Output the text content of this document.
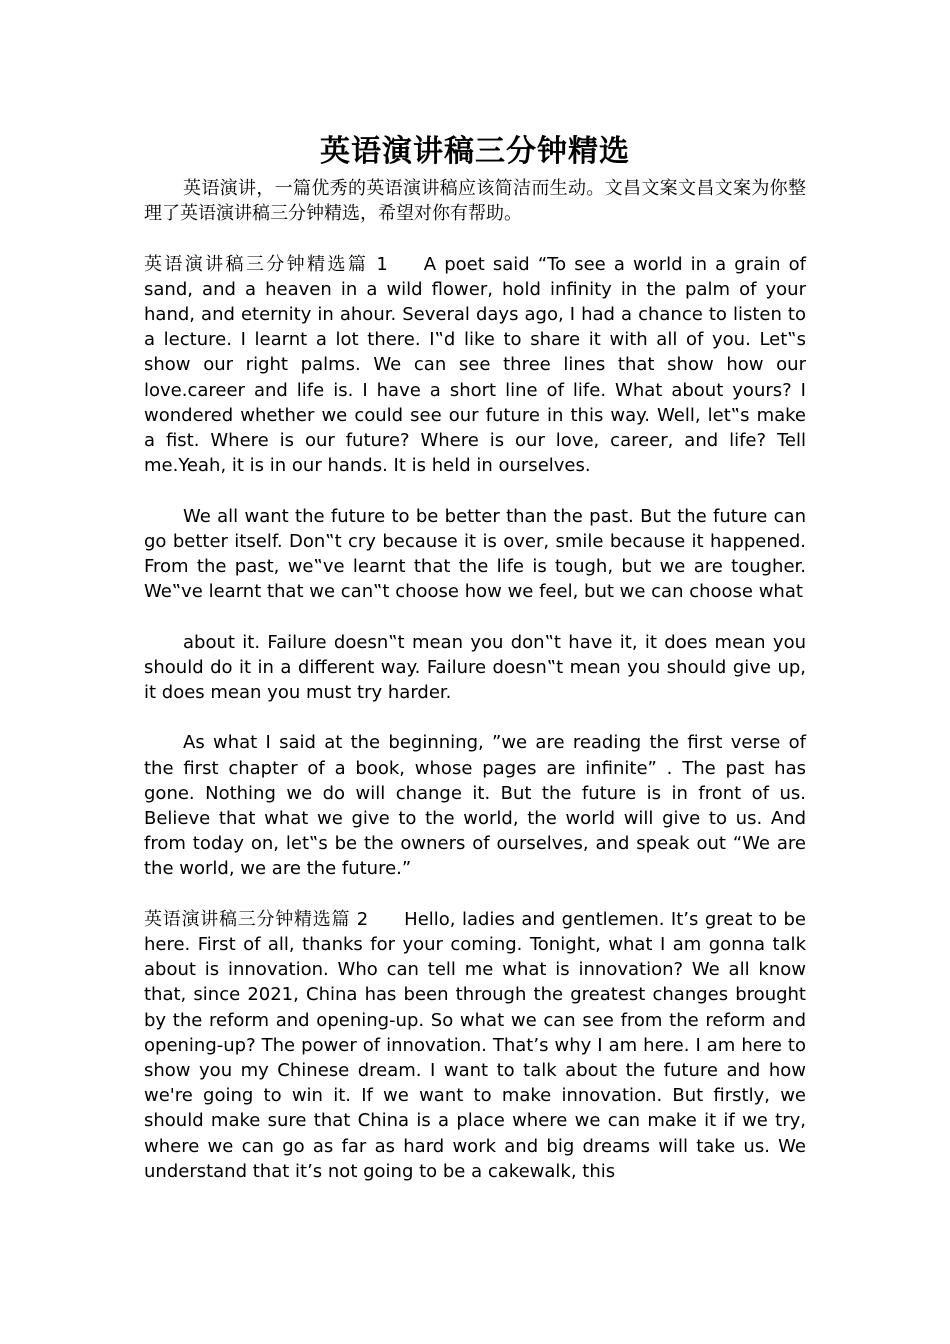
英语演讲稿三分钟精选

英语演讲，一篇优秀的英语演讲稿应该简洁而生动。文昌文案文昌文案为你整理了英语演讲稿三分钟精选，希望对你有帮助。

英语演讲稿三分钟精选篇 1 A poet said “To see a world in a grain of sand, and a heaven in a wild flower, hold infinity in the palm of your hand, and eternity in ahour. Several days ago, I had a chance to listen to a lecture. I learnt a lot there. I‟d like to share it with all of you. Let‟s show our right palms. We can see three lines that show how our love.career and life is. I have a short line of life. What about yours? I wondered whether we could see our future in this way. Well, let‟s make a fist. Where is our future? Where is our love, career, and life? Tell me.Yeah, it is in our hands. It is held in ourselves.

We all want the future to be better than the past. But the future can go better itself. Don‟t cry because it is over, smile because it happened. From the past, we‟ve learnt that the life is tough, but we are tougher. We‟ve learnt that we can‟t choose how we feel, but we can choose what

about it. Failure doesn‟t mean you don‟t have it, it does mean you should do it in a different way. Failure doesn‟t mean you should give up, it does mean you must try harder.

As what I said at the beginning, ”we are reading the first verse of the first chapter of a book, whose pages are infinite” . The past has gone. Nothing we do will change it. But the future is in front of us. Believe that what we give to the world, the world will give to us. And from today on, let‟s be the owners of ourselves, and speak out “We are the world, we are the future.”

英语演讲稿三分钟精选篇 2 Hello, ladies and gentlemen. It’s great to be here. First of all, thanks for your coming. Tonight, what I am gonna talk about is innovation. Who can tell me what is innovation? We all know that, since 2021, China has been through the greatest changes brought by the reform and opening-up. So what we can see from the reform and opening-up? The power of innovation. That’s why I am here. I am here to show you my Chinese dream. I want to talk about the future and how we're going to win it. If we want to make innovation. But firstly, we should make sure that China is a place where we can make it if we try, where we can go as far as hard work and big dreams will take us. We understand that it’s not going to be a cakewalk, this
